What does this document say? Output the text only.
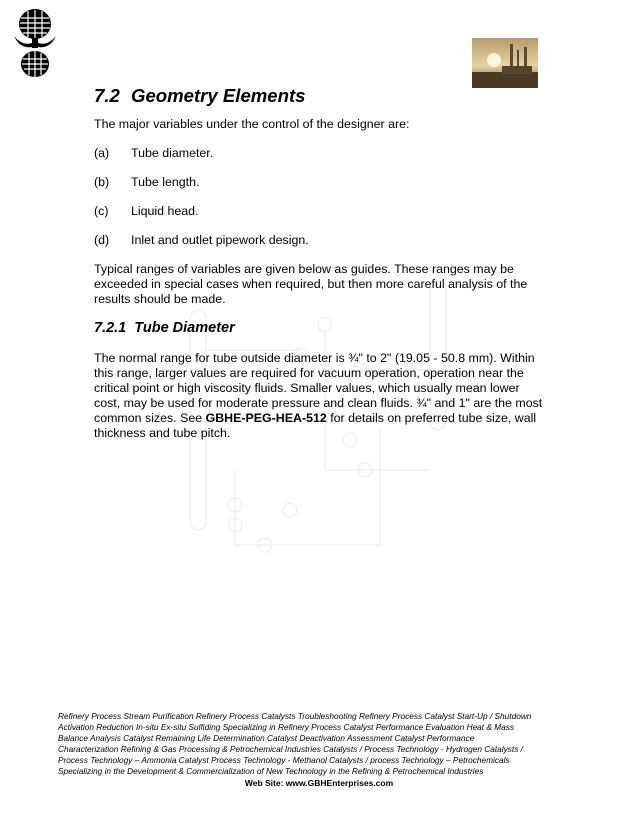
7.2 Geometry Elements

The major variables under the control of the designer are:

(a)	Tube diameter.
(b)	Tube length.
(c)	Liquid head.
(d)	Inlet and outlet pipework design.

Typical ranges of variables are given below as guides. These ranges may be exceeded in special cases when required, but then more careful analysis of the results should be made.

7.2.1 Tube Diameter

The normal range for tube outside diameter is ¾" to 2" (19.05 - 50.8 mm). Within this range, larger values are required for vacuum operation, operation near the critical point or high viscosity fluids. Smaller values, which usually mean lower cost, may be used for moderate pressure and clean fluids. ¾" and 1" are the most common sizes. See GBHE-PEG-HEA-512 for details on preferred tube size, wall thickness and tube pitch.

Refinery Process Stream Purification Refinery Process Catalysts Troubleshooting Refinery Process Catalyst Start-Up / Shutdown
Activation Reduction In-situ Ex-situ Sulfiding Specializing in Refinery Process Catalyst Performance Evaluation Heat & Mass
Balance Analysis Catalyst Remaining Life Determination Catalyst Deactivation Assessment Catalyst Performance
Characterization Refining & Gas Processing & Petrochemical Industries Catalysts / Process Technology - Hydrogen Catalysts /
Process Technology – Ammonia Catalyst Process Technology - Methanol Catalysts / process Technology – Petrochemicals
Specializing in the Development & Commercialization of New Technology in the Refining & Petrochemical Industries
Web Site: www.GBHEnterprises.com
